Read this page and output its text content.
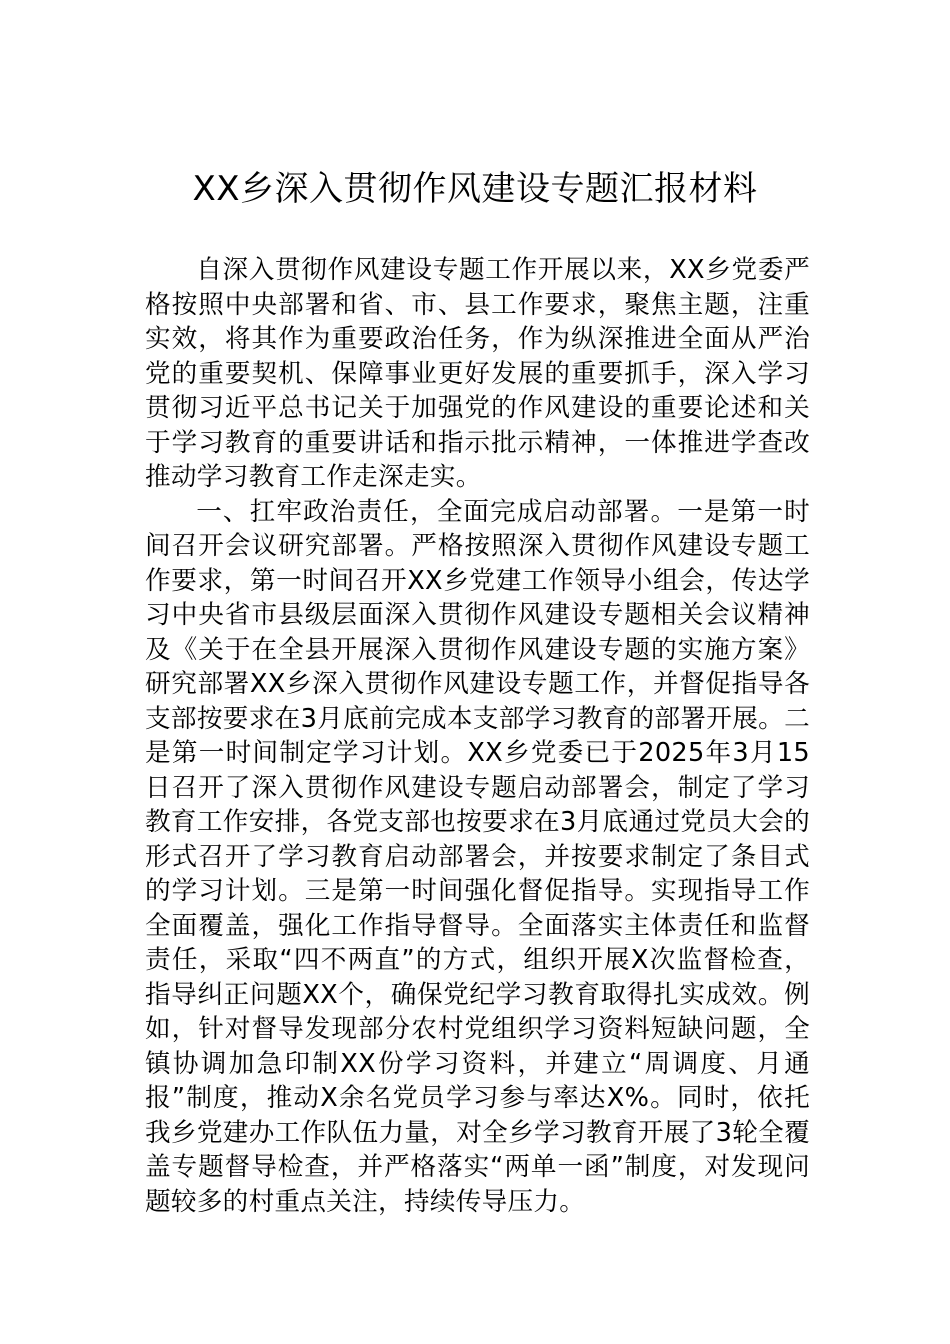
XX乡深入贯彻作风建设专题汇报材料

自深入贯彻作风建设专题工作开展以来，XX乡党委严格按照中央部署和省、市、县工作要求，聚焦主题，注重实效，将其作为重要政治任务，作为纵深推进全面从严治党的重要契机、保障事业更好发展的重要抓手，深入学习贯彻习近平总书记关于加强党的作风建设的重要论述和关于学习教育的重要讲话和指示批示精神，一体推进学查改推动学习教育工作走深走实。

一、扛牢政治责任，全面完成启动部署。一是第一时间召开会议研究部署。严格按照深入贯彻作风建设专题工作要求，第一时间召开XX乡党建工作领导小组会，传达学习中央省市县级层面深入贯彻作风建设专题相关会议精神及《关于在全县开展深入贯彻作风建设专题的实施方案》研究部署XX乡深入贯彻作风建设专题工作，并督促指导各支部按要求在3月底前完成本支部学习教育的部署开展。二是第一时间制定学习计划。XX乡党委已于2025年3月15日召开了深入贯彻作风建设专题启动部署会，制定了学习教育工作安排，各党支部也按要求在3月底通过党员大会的形式召开了学习教育启动部署会，并按要求制定了条目式的学习计划。三是第一时间强化督促指导。实现指导工作全面覆盖，强化工作指导督导。全面落实主体责任和监督责任，采取“四不两直”的方式，组织开展X次监督检查，指导纠正问题XX个，确保党纪学习教育取得扎实成效。例如，针对督导发现部分农村党组织学习资料短缺问题，全镇协调加急印制XX份学习资料，并建立“周调度、月通报”制度，推动X余名党员学习参与率达X%。同时，依托我乡党建办工作队伍力量，对全乡学习教育开展了3轮全覆盖专题督导检查，并严格落实“两单一函”制度，对发现问题较多的村重点关注，持续传导压力。
